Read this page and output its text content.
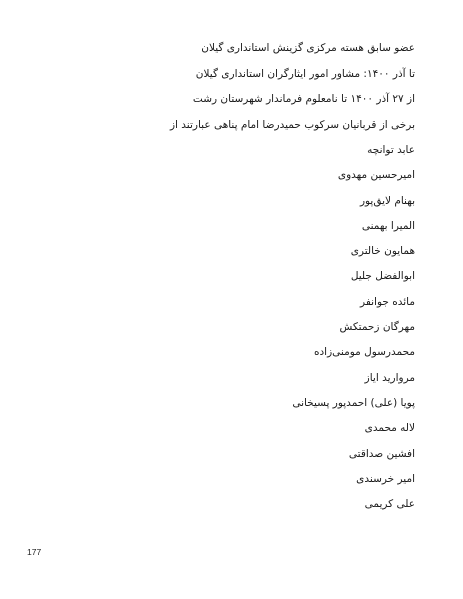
عضو سابق هسته مرکزی گزینش استانداری گیلان
تا آذر ۱۴۰۰: مشاور امور ایثارگران استانداری گیلان
از ۲۷ آذر ۱۴۰۰ تا نامعلوم فرماندار شهرستان رشت
برخی از قربانیان سرکوب حمیدرضا امام پناهی عبارتند از
عابد توانچه
امیرحسین مهدوی
بهنام لایق‌پور
المیرا بهمنی
همایون خالتری
ابوالفضل جلیل
مائده جوانفر
مهرگان زحمتکش
محمدرسول مومنی‌زاده
مروارید ایاز
پویا (علی) احمدپور پسیخانی
لاله محمدی
افشین صداقتی
امیر خرسندی
علی کریمی
177
